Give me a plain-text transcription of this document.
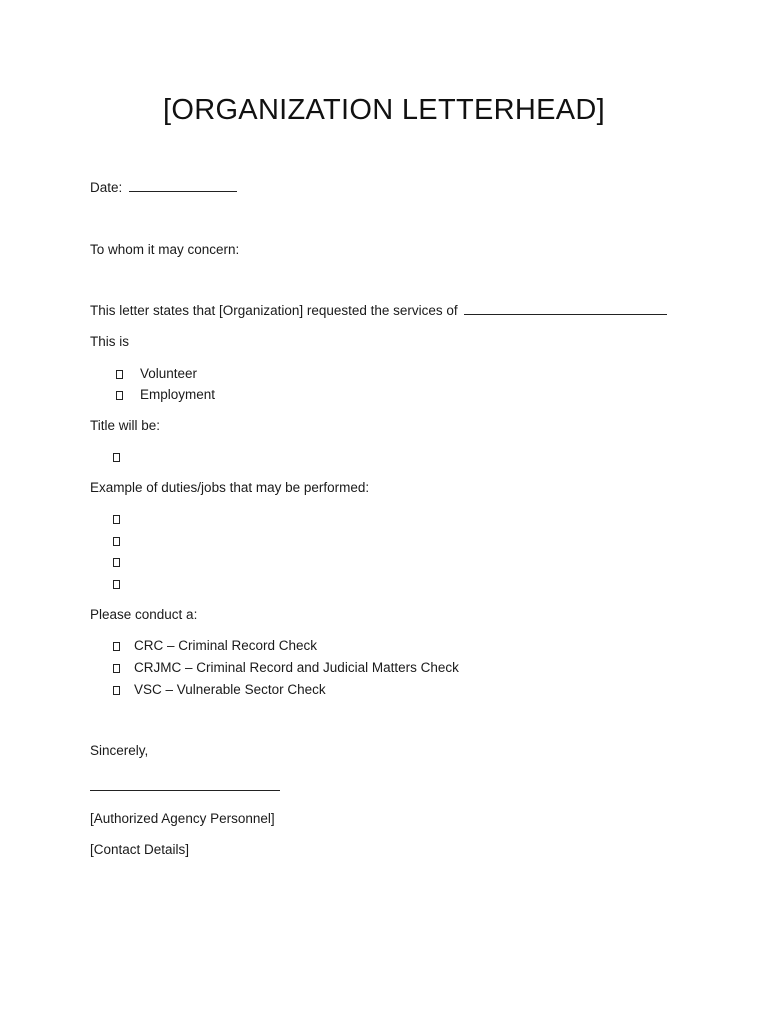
[ORGANIZATION LETTERHEAD]
Date:
To whom it may concern:
This letter states that [Organization] requested the services of
This is
Volunteer
Employment
Title will be:
Example of duties/jobs that may be performed:
Please conduct a:
CRC – Criminal Record Check
CRJMC – Criminal Record and Judicial Matters Check
VSC – Vulnerable Sector Check
Sincerely,
[Authorized Agency Personnel]
[Contact Details]
